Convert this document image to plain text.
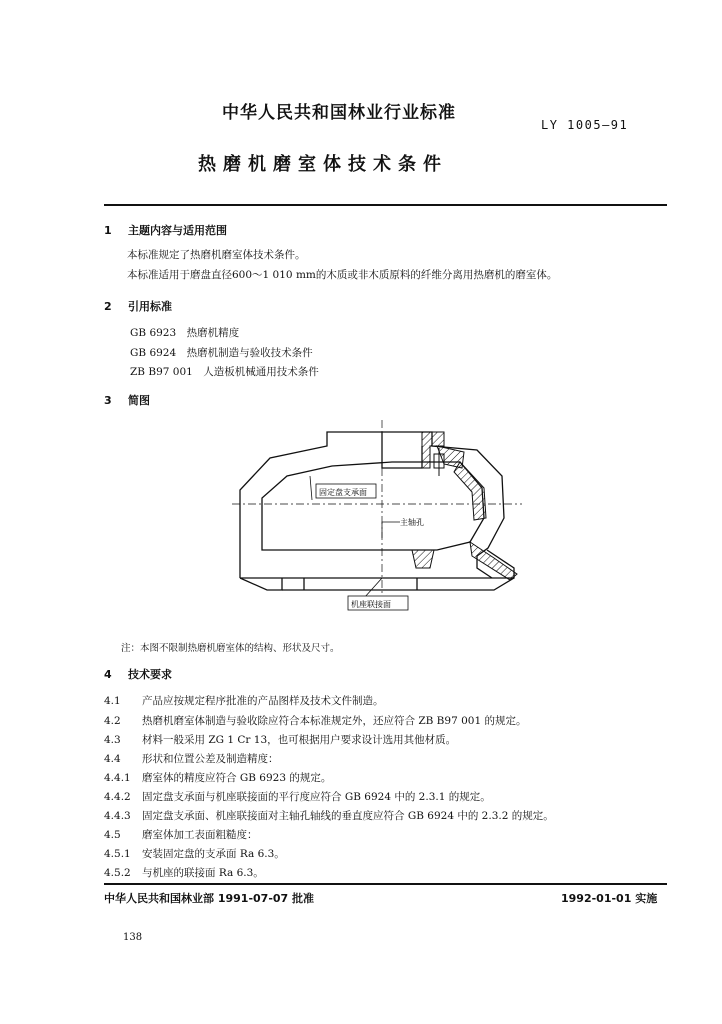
中华人民共和国林业行业标准
LY 1005—91
热磨机磨室体技术条件
1 主题内容与适用范围
本标准规定了热磨机磨室体技术条件。
本标准适用于磨盘直径600～1 010 mm的木质或非木质原料的纤维分离用热磨机的磨室体。
2 引用标准
GB 6923　热磨机精度
GB 6924　热磨机制造与验收技术条件
ZB B97 001　人造板机械通用技术条件
3 简图
固定盘支承面
主轴孔
机座联接面
注：本图不限制热磨机磨室体的结构、形状及尺寸。
4 技术要求
4.1 产品应按规定程序批准的产品图样及技术文件制造。
4.2 热磨机磨室体制造与验收除应符合本标准规定外，还应符合 ZB B97 001 的规定。
4.3 材料一般采用 ZG 1 Cr 13，也可根据用户要求设计选用其他材质。
4.4 形状和位置公差及制造精度：
4.4.1 磨室体的精度应符合 GB 6923 的规定。
4.4.2 固定盘支承面与机座联接面的平行度应符合 GB 6924 中的 2.3.1 的规定。
4.4.3 固定盘支承面、机座联接面对主轴孔轴线的垂直度应符合 GB 6924 中的 2.3.2 的规定。
4.5 磨室体加工表面粗糙度：
4.5.1 安装固定盘的支承面 Ra 6.3。
4.5.2 与机座的联接面 Ra 6.3。
中华人民共和国林业部 1991-07-07 批准	1992-01-01 实施
138
